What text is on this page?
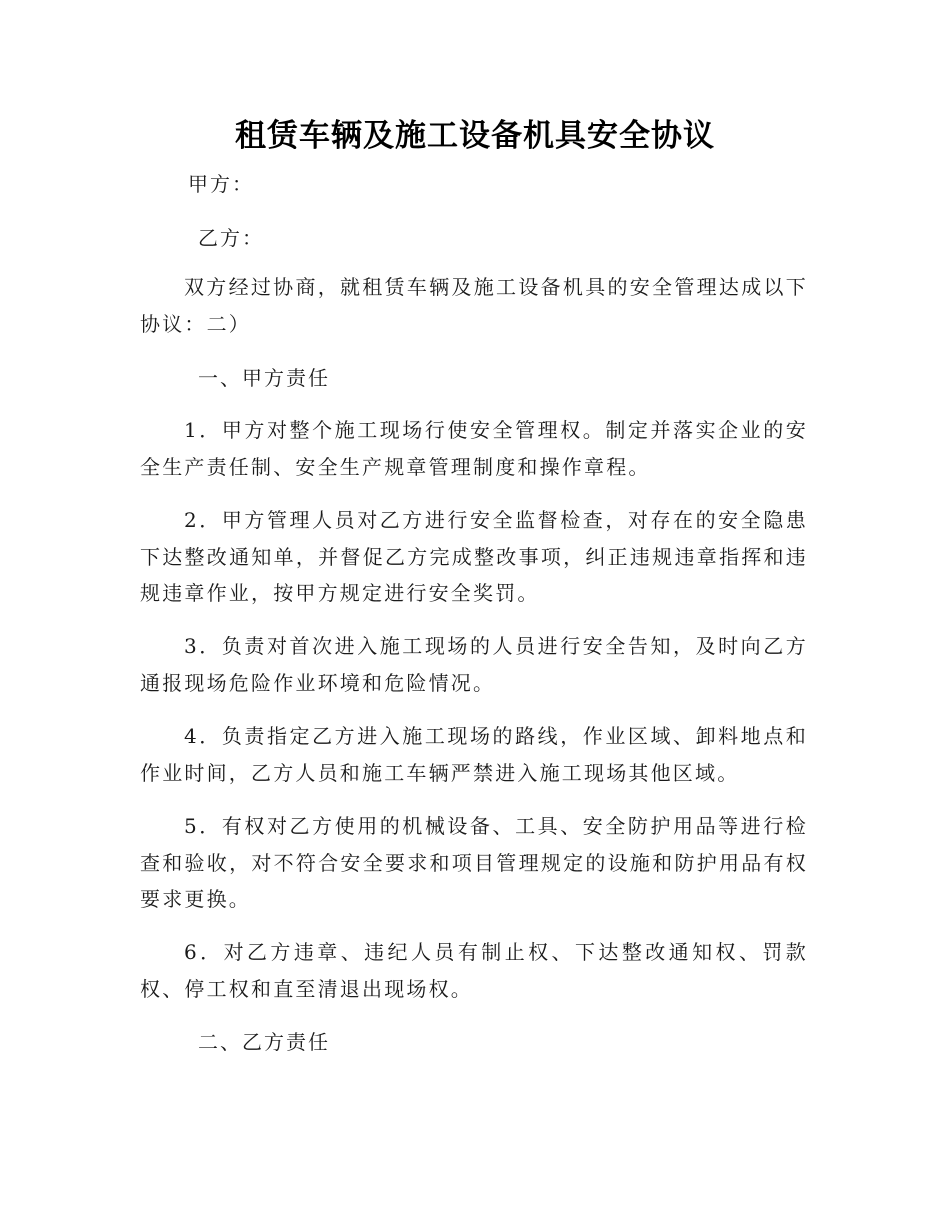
租赁车辆及施工设备机具安全协议
甲方：
乙方：
双方经过协商，就租赁车辆及施工设备机具的安全管理达成以下协议：二）
一、甲方责任
1．甲方对整个施工现场行使安全管理权。制定并落实企业的安全生产责任制、安全生产规章管理制度和操作章程。
2．甲方管理人员对乙方进行安全监督检查，对存在的安全隐患下达整改通知单，并督促乙方完成整改事项，纠正违规违章指挥和违规违章作业，按甲方规定进行安全奖罚。
3．负责对首次进入施工现场的人员进行安全告知，及时向乙方通报现场危险作业环境和危险情况。
4．负责指定乙方进入施工现场的路线，作业区域、卸料地点和作业时间，乙方人员和施工车辆严禁进入施工现场其他区域。
5．有权对乙方使用的机械设备、工具、安全防护用品等进行检查和验收，对不符合安全要求和项目管理规定的设施和防护用品有权要求更换。
6．对乙方违章、违纪人员有制止权、下达整改通知权、罚款权、停工权和直至清退出现场权。
二、乙方责任
